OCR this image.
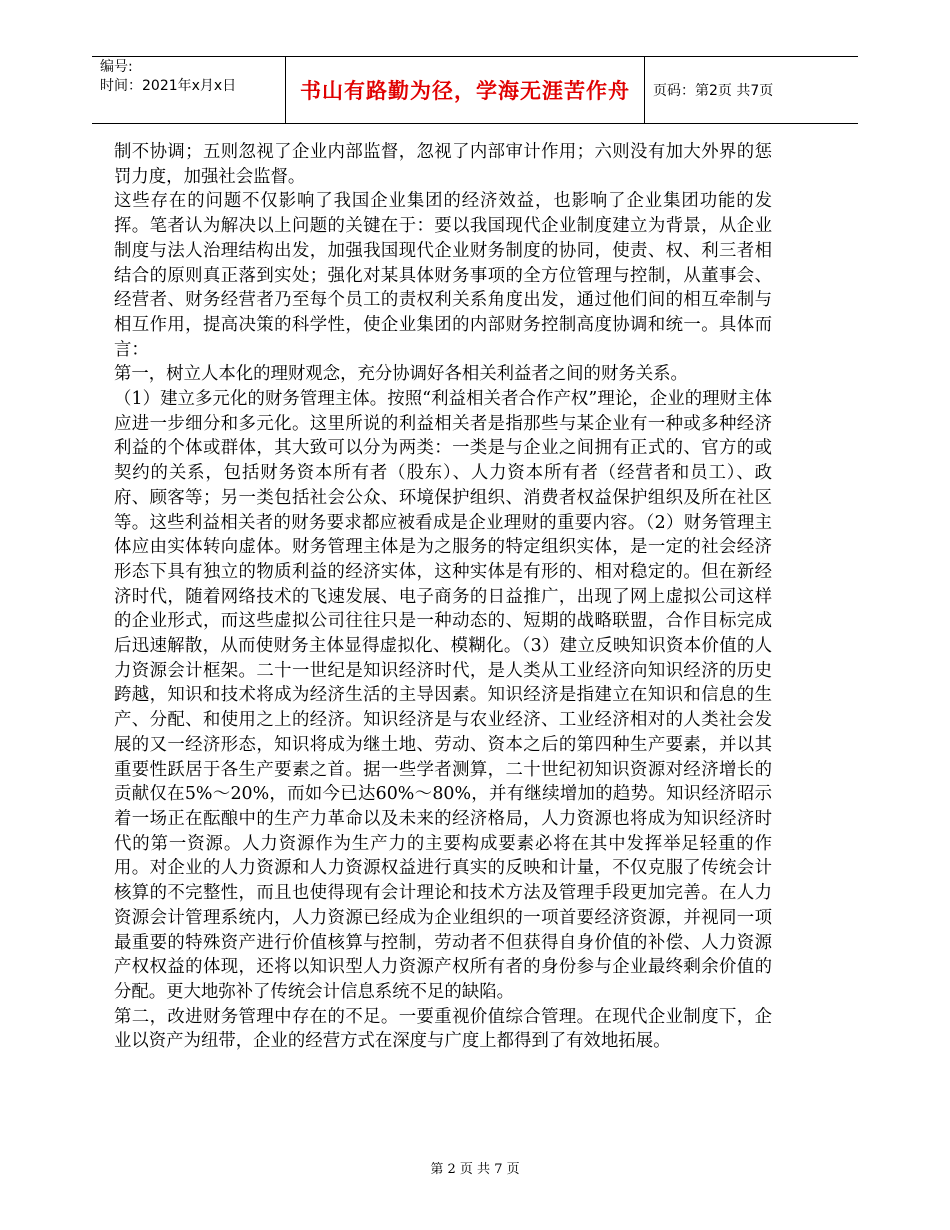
编号:
时间：2021年x月x日	书山有路勤为径，学海无涯苦作舟	页码：第2页 共7页

制不协调；五则忽视了企业内部监督，忽视了内部审计作用；六则没有加大外界的惩罚力度，加强社会监督。

这些存在的问题不仅影响了我国企业集团的经济效益，也影响了企业集团功能的发挥。笔者认为解决以上问题的关键在于：要以我国现代企业制度建立为背景，从企业制度与法人治理结构出发，加强我国现代企业财务制度的协同，使责、权、利三者相结合的原则真正落到实处；强化对某具体财务事项的全方位管理与控制，从董事会、经营者、财务经营者乃至每个员工的责权利关系角度出发，通过他们间的相互牵制与相互作用，提高决策的科学性，使企业集团的内部财务控制高度协调和统一。具体而言：

第一，树立人本化的理财观念，充分协调好各相关利益者之间的财务关系。

（1）建立多元化的财务管理主体。按照“利益相关者合作产权”理论，企业的理财主体应进一步细分和多元化。这里所说的利益相关者是指那些与某企业有一种或多种经济利益的个体或群体，其大致可以分为两类：一类是与企业之间拥有正式的、官方的或契约的关系，包括财务资本所有者（股东）、人力资本所有者（经营者和员工）、政府、顾客等；另一类包括社会公众、环境保护组织、消费者权益保护组织及所在社区等。这些利益相关者的财务要求都应被看成是企业理财的重要内容。（2）财务管理主体应由实体转向虚体。财务管理主体是为之服务的特定组织实体，是一定的社会经济形态下具有独立的物质利益的经济实体，这种实体是有形的、相对稳定的。但在新经济时代，随着网络技术的飞速发展、电子商务的日益推广，出现了网上虚拟公司这样的企业形式，而这些虚拟公司往往只是一种动态的、短期的战略联盟，合作目标完成后迅速解散，从而使财务主体显得虚拟化、模糊化。（3）建立反映知识资本价值的人力资源会计框架。二十一世纪是知识经济时代，是人类从工业经济向知识经济的历史跨越，知识和技术将成为经济生活的主导因素。知识经济是指建立在知识和信息的生产、分配、和使用之上的经济。知识经济是与农业经济、工业经济相对的人类社会发展的又一经济形态，知识将成为继土地、劳动、资本之后的第四种生产要素，并以其重要性跃居于各生产要素之首。据一些学者测算，二十世纪初知识资源对经济增长的贡献仅在5%～20%，而如今已达60%～80%，并有继续增加的趋势。知识经济昭示着一场正在酝酿中的生产力革命以及未来的经济格局，人力资源也将成为知识经济时代的第一资源。人力资源作为生产力的主要构成要素必将在其中发挥举足轻重的作用。对企业的人力资源和人力资源权益进行真实的反映和计量，不仅克服了传统会计核算的不完整性，而且也使得现有会计理论和技术方法及管理手段更加完善。在人力资源会计管理系统内，人力资源已经成为企业组织的一项首要经济资源，并视同一项最重要的特殊资产进行价值核算与控制，劳动者不但获得自身价值的补偿、人力资源产权权益的体现，还将以知识型人力资源产权所有者的身份参与企业最终剩余价值的分配。更大地弥补了传统会计信息系统不足的缺陷。

第二，改进财务管理中存在的不足。一要重视价值综合管理。在现代企业制度下，企业以资产为纽带，企业的经营方式在深度与广度上都得到了有效地拓展。

第 2 页 共 7 页
